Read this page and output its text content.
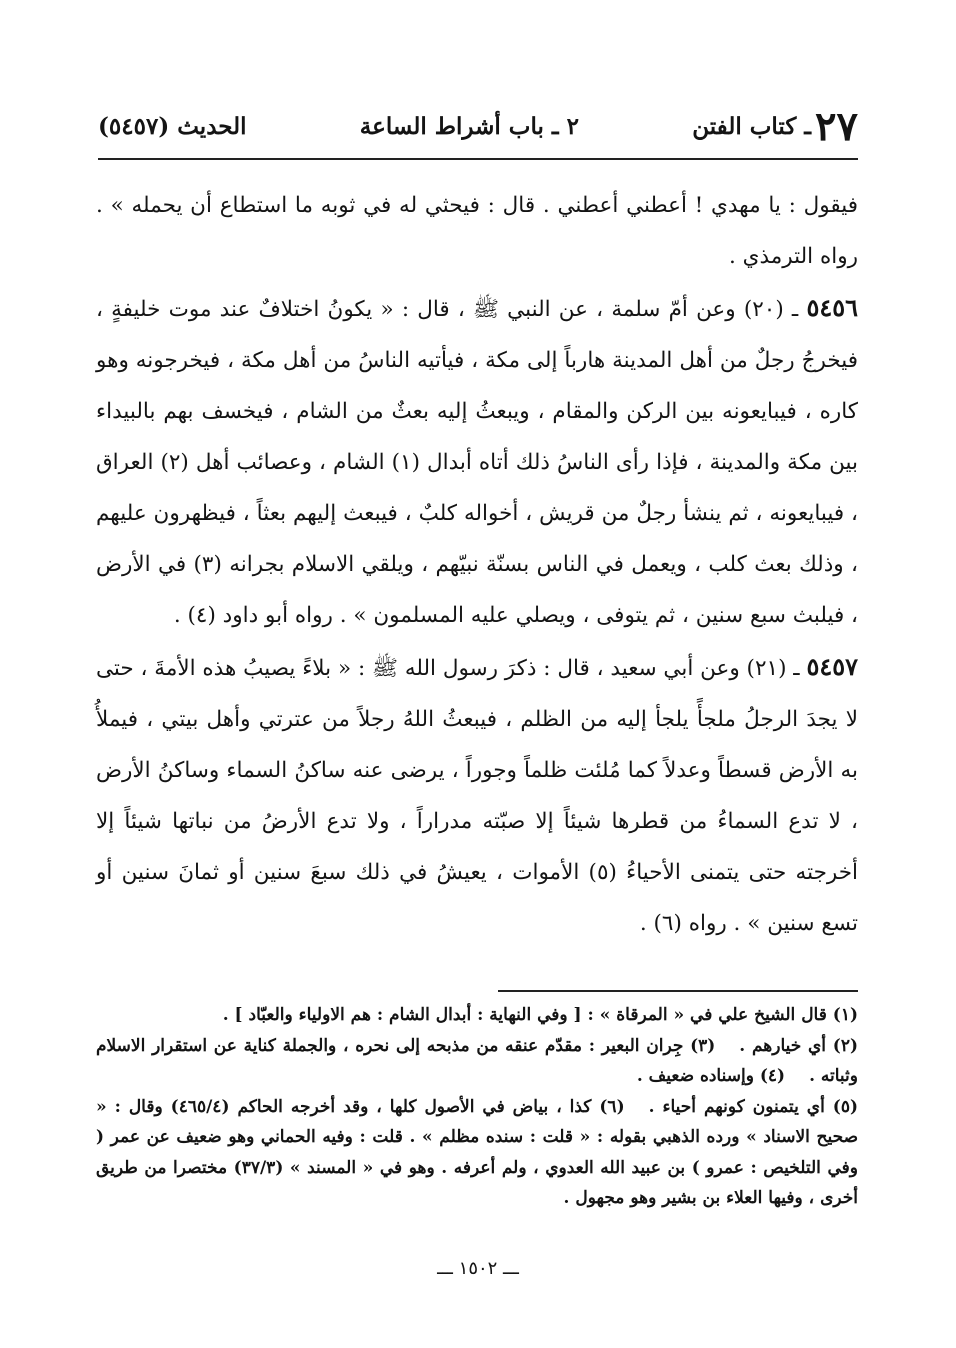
٢٧
ـ كتاب الفتن
٢ ـ باب أشراط الساعة
الحديث (٥٤٥٧)

فيقول : يا مهدي ! أعطني أعطني . قال : فيحثي له في ثوبه ما استطاع أن يحمله » . رواه الترمذي .

٥٤٥٦ ـ (٢٠) وعن أمّ سلمة ، عن النبي ﷺ ، قال : « يكونُ اختلافٌ عند موت خليفةٍ ، فيخرجُ رجلٌ من أهل المدينة هارباً إلى مكة ، فيأتيه الناسُ من أهل مكة ، فيخرجونه وهو كاره ، فيبايعونه بين الركن والمقام ، ويبعثُ إليه بعثٌ من الشام ، فيخسف بهم بالبيداء بين مكة والمدينة ، فإذا رأى الناسُ ذلك أتاه أبدال (١) الشام ، وعصائب أهل (٢) العراق ، فيبايعونه ، ثم ينشأ رجلٌ من قريش ، أخواله كلبٌ ، فيبعث إليهم بعثاً ، فيظهرون عليهم ، وذلك بعث كلب ، ويعمل في الناس بسنّة نبيّهم ، ويلقي الاسلام بجرانه (٣) في الأرض ، فيلبث سبع سنين ، ثم يتوفى ، ويصلي عليه المسلمون » . رواه أبو داود (٤) .

٥٤٥٧ ـ (٢١) وعن أبي سعيد ، قال : ذكرَ رسول الله ﷺ : « بلاءً يصيبُ هذه الأمةَ ، حتى لا يجدَ الرجلُ ملجأً يلجأ إليه من الظلم ، فيبعثُ اللهُ رجلاً من عترتي وأهل بيتي ، فيملأُ به الأرض قسطاً وعدلاً كما مُلئت ظلماً وجوراً ، يرضى عنه ساكنُ السماء وساكنُ الأرض ، لا تدع السماءُ من قطرها شيئاً إلا صبّته مدراراً ، ولا تدع الأرضُ من نباتها شيئاً إلا أخرجته حتى يتمنى الأحياءُ (٥) الأموات ، يعيشُ في ذلك سبعَ سنين أو ثمانَ سنين أو تسع سنين » . رواه (٦) .

(١) قال الشيخ علي في « المرقاة » : [ وفي النهاية : أبدال الشام : هم الاولياء والعبّاد ] .

(٢) أي خيارهم .(٣) جِران البعير : مقدّم عنقه من مذبحه إلى نحره ، والجملة كناية عن استقرار الاسلام وثباته .(٤) وإسناده ضعيف .

(٥) أي يتمنون كونهم أحياء .(٦) كذا ، بياض في الأصول كلها ، وقد أخرجه الحاكم (٤٦٥/٤) وقال : « صحيح الاسناد » ورده الذهبي بقوله : « قلت : سنده مظلم » . قلت : وفيه الحماني وهو ضعيف عن عمر ( وفي التلخيص : عمرو ) بن عبيد الله العدوي ، ولم أعرفه . وهو في « المسند » (٣٧/٣) مختصرا من طريق أخرى ، وفيها العلاء بن بشير وهو مجهول .

ـــ ١٥٠٢ ـــ
